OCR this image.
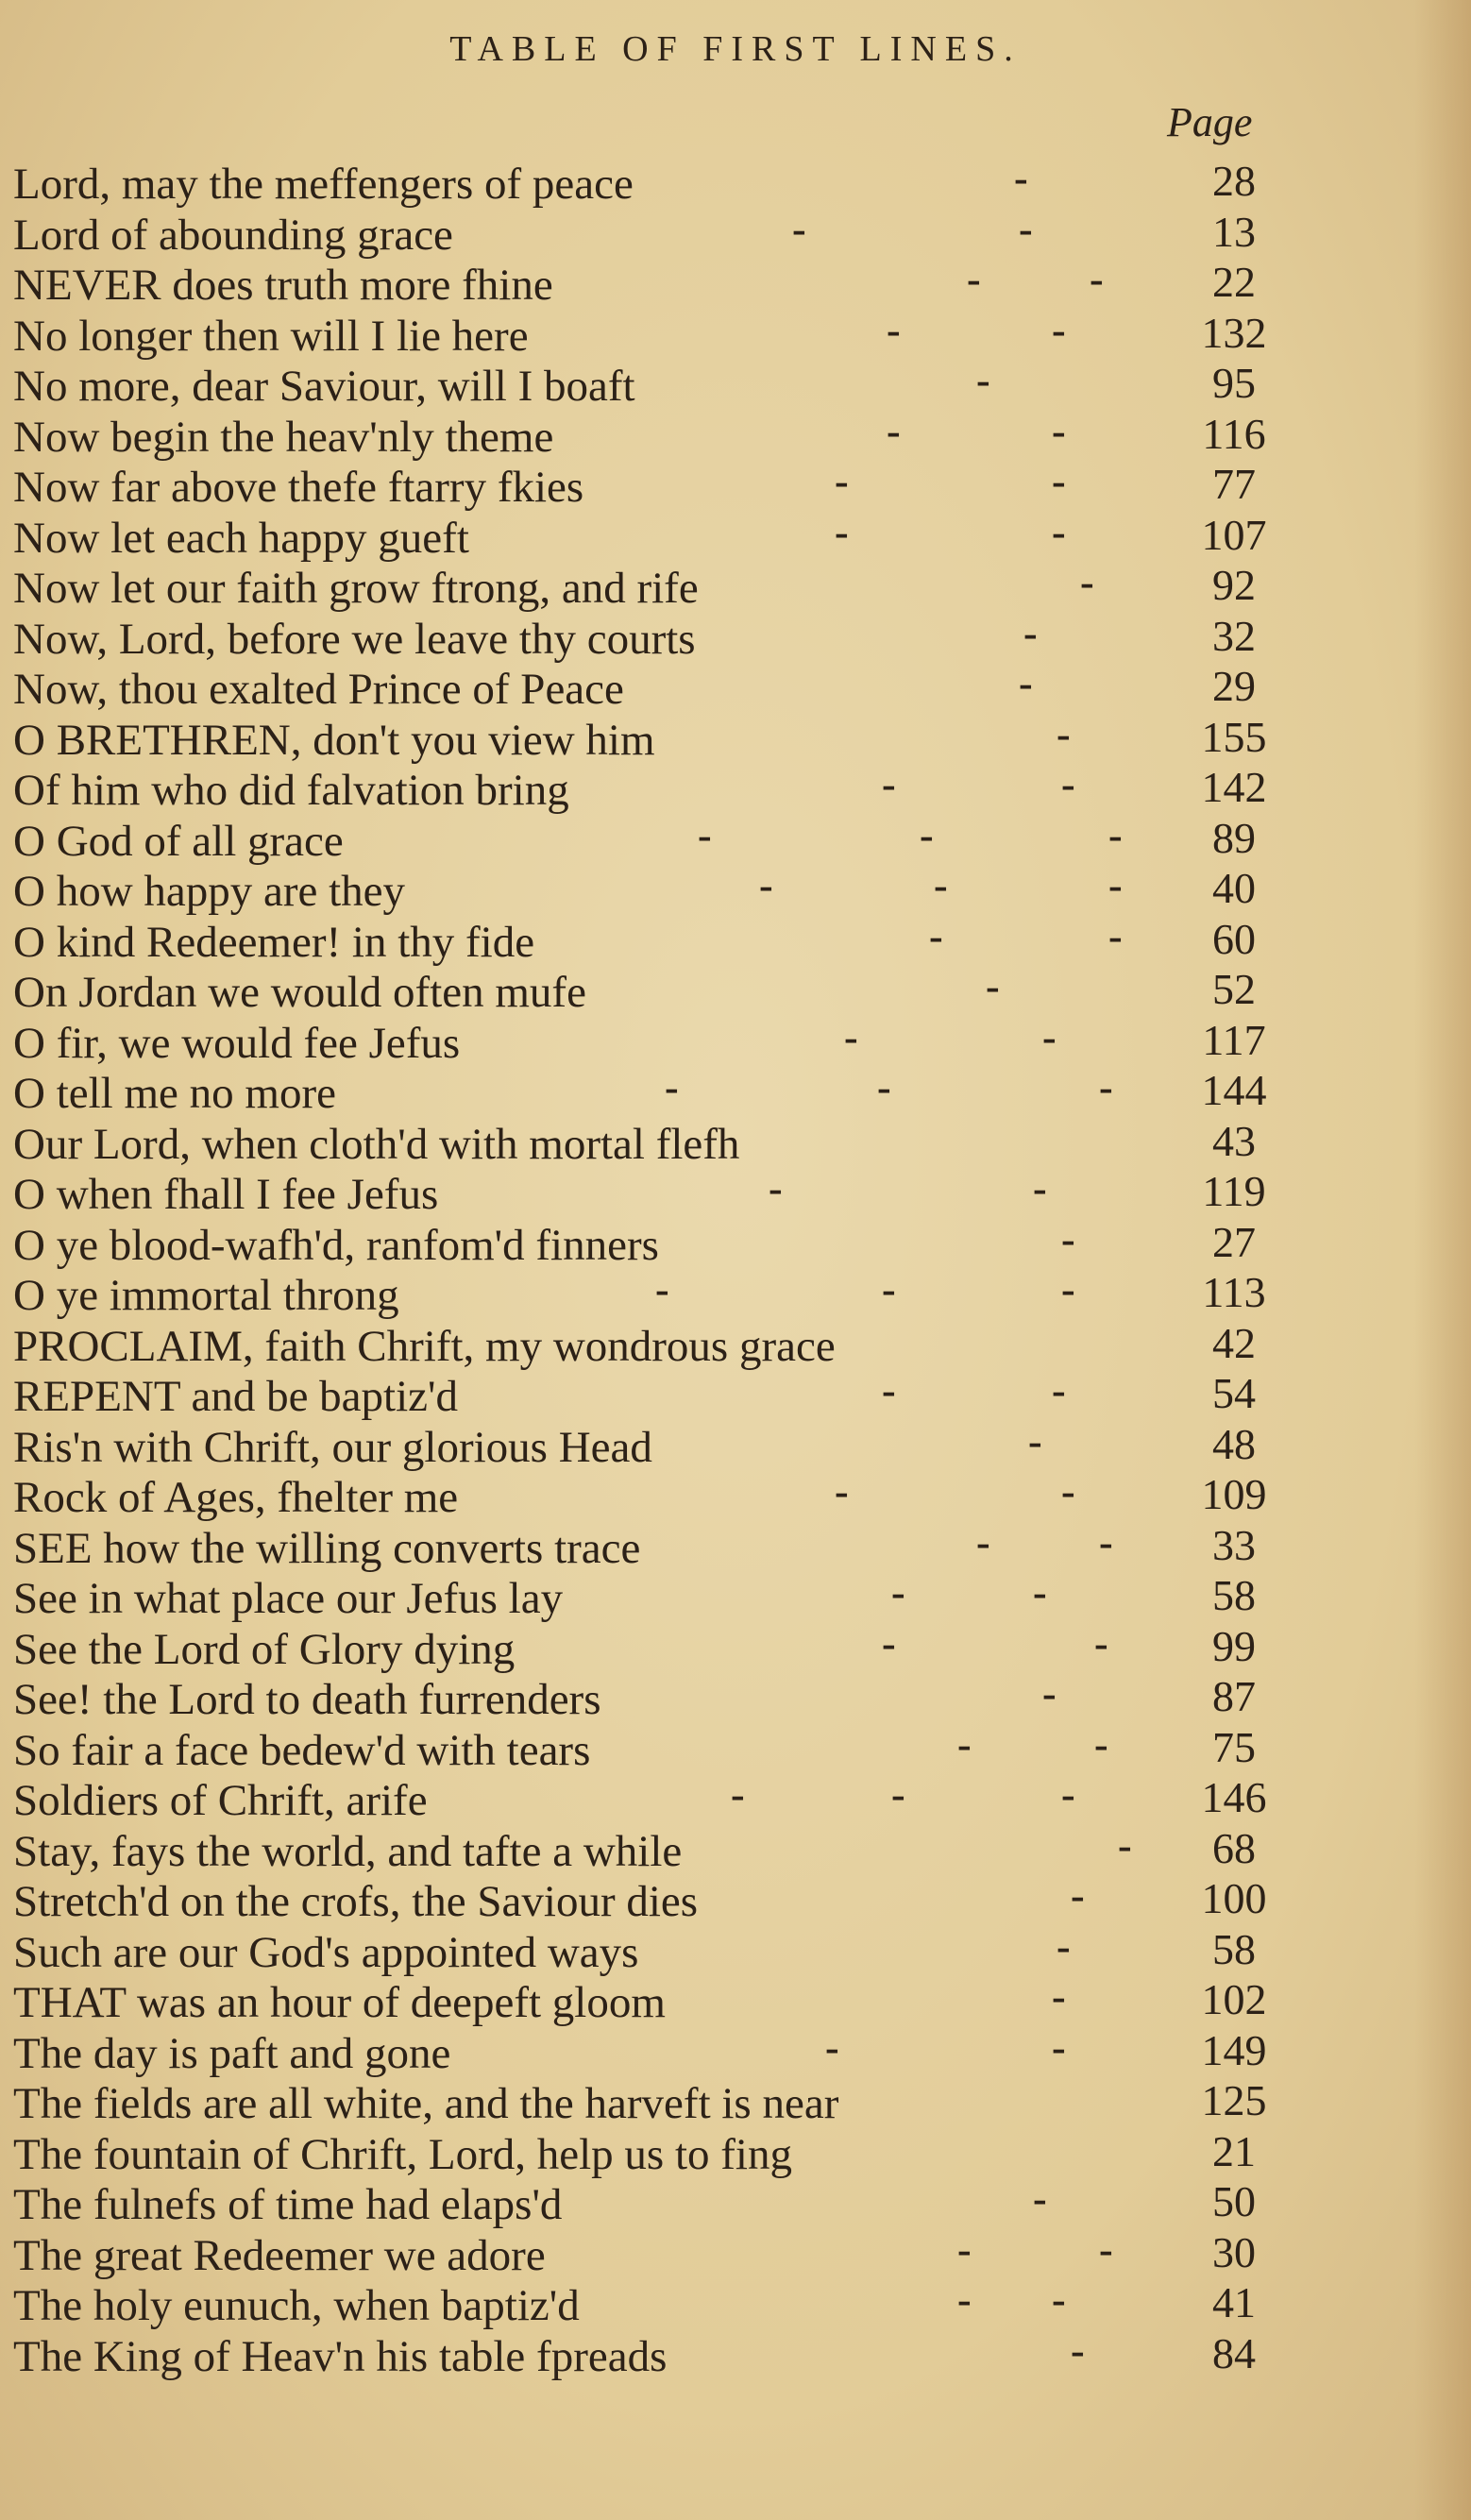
TABLE OF FIRST LINES.
Page
Lord, may the meffengers of peace	-	28
Lord of abounding grace	-	-	13
NEVER does truth more fhine	-	-	22
No longer then will I lie here	-	-	132
No more, dear Saviour, will I boaft	-	95
Now begin the heav'nly theme	-	-	116
Now far above thefe ftarry fkies	-	-	77
Now let each happy gueft	-	-	107
Now let our faith grow ftrong, and rife	-	92
Now, Lord, before we leave thy courts	-	32
Now, thou exalted Prince of Peace	-	29
O BRETHREN, don't you view him	-	155
Of him who did falvation bring	-	-	142
O God of all grace	-	-	-	89
O how happy are they	-	-	-	40
O kind Redeemer! in thy fide	-	-	60
On Jordan we would often mufe	-	52
O fir, we would fee Jefus	-	-	117
O tell me no more	-	-	-	144
Our Lord, when cloth'd with mortal flefh	43
O when fhall I fee Jefus	-	-	119
O ye blood-wafh'd, ranfom'd finners	-	27
O ye immortal throng	-	-	-	113
PROCLAIM, faith Chrift, my wondrous grace	42
REPENT and be baptiz'd	-	-	54
Ris'n with Chrift, our glorious Head	-	48
Rock of Ages, fhelter me	-	-	109
SEE how the willing converts trace	-	-	33
See in what place our Jefus lay	-	-	58
See the Lord of Glory dying	-	-	99
See! the Lord to death furrenders	-	87
So fair a face bedew'd with tears	-	-	75
Soldiers of Chrift, arife	-	-	-	146
Stay, fays the world, and tafte a while	-	68
Stretch'd on the crofs, the Saviour dies	-	100
Such are our God's appointed ways	-	58
THAT was an hour of deepeft gloom	-	102
The day is paft and gone	-	-	149
The fields are all white, and the harveft is near	125
The fountain of Chrift, Lord, help us to fing	21
The fulnefs of time had elaps'd	-	50
The great Redeemer we adore	-	-	30
The holy eunuch, when baptiz'd	- -	41
The King of Heav'n his table fpreads	-	84
